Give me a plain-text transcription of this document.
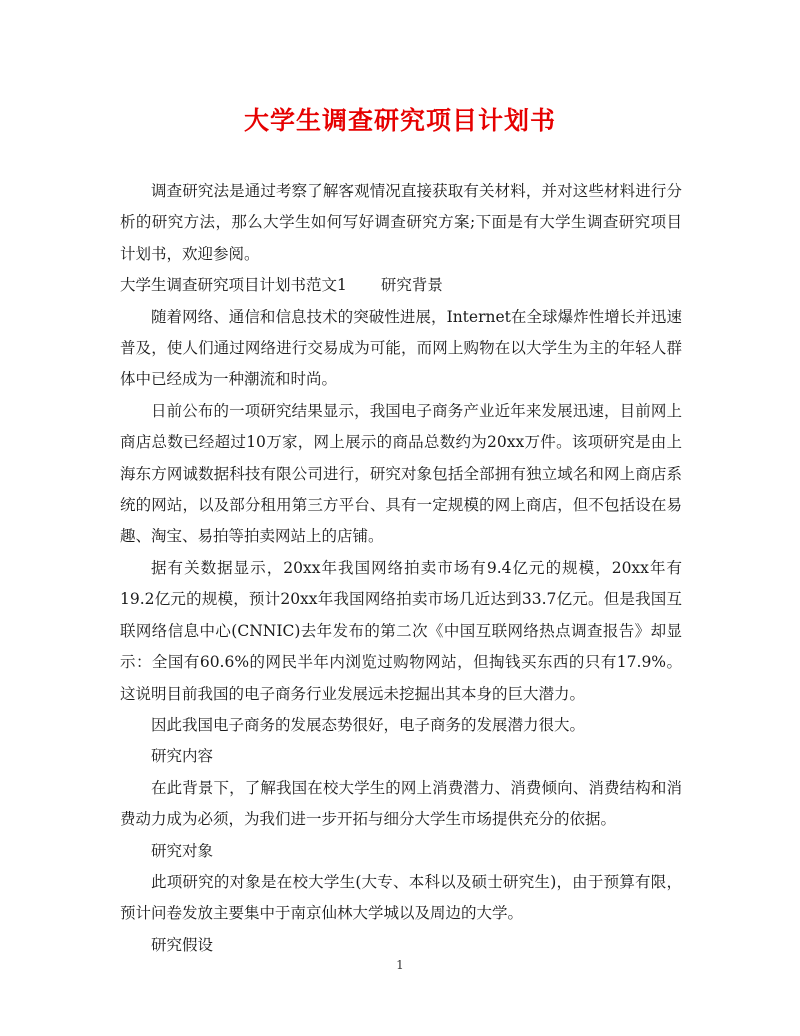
大学生调查研究项目计划书

调查研究法是通过考察了解客观情况直接获取有关材料，并对这些材料进行分析的研究方法，那么大学生如何写好调查研究方案;下面是有大学生调查研究项目计划书，欢迎参阅。

大学生调查研究项目计划书范文1 研究背景

随着网络、通信和信息技术的突破性进展，Internet在全球爆炸性增长并迅速普及，使人们通过网络进行交易成为可能，而网上购物在以大学生为主的年轻人群体中已经成为一种潮流和时尚。

日前公布的一项研究结果显示，我国电子商务产业近年来发展迅速，目前网上商店总数已经超过10万家，网上展示的商品总数约为20xx万件。该项研究是由上海东方网诚数据科技有限公司进行，研究对象包括全部拥有独立域名和网上商店系统的网站，以及部分租用第三方平台、具有一定规模的网上商店，但不包括设在易趣、淘宝、易拍等拍卖网站上的店铺。

据有关数据显示，20xx年我国网络拍卖市场有9.4亿元的规模，20xx年有19.2亿元的规模，预计20xx年我国网络拍卖市场几近达到33.7亿元。但是我国互联网络信息中心(CNNIC)去年发布的第二次《中国互联网络热点调查报告》却显示：全国有60.6%的网民半年内浏览过购物网站，但掏钱买东西的只有17.9%。这说明目前我国的电子商务行业发展远未挖掘出其本身的巨大潜力。

因此我国电子商务的发展态势很好，电子商务的发展潜力很大。

研究内容

在此背景下，了解我国在校大学生的网上消费潜力、消费倾向、消费结构和消费动力成为必须，为我们进一步开拓与细分大学生市场提供充分的依据。

研究对象

此项研究的对象是在校大学生(大专、本科以及硕士研究生)，由于预算有限，预计问卷发放主要集中于南京仙林大学城以及周边的大学。

研究假设

1
